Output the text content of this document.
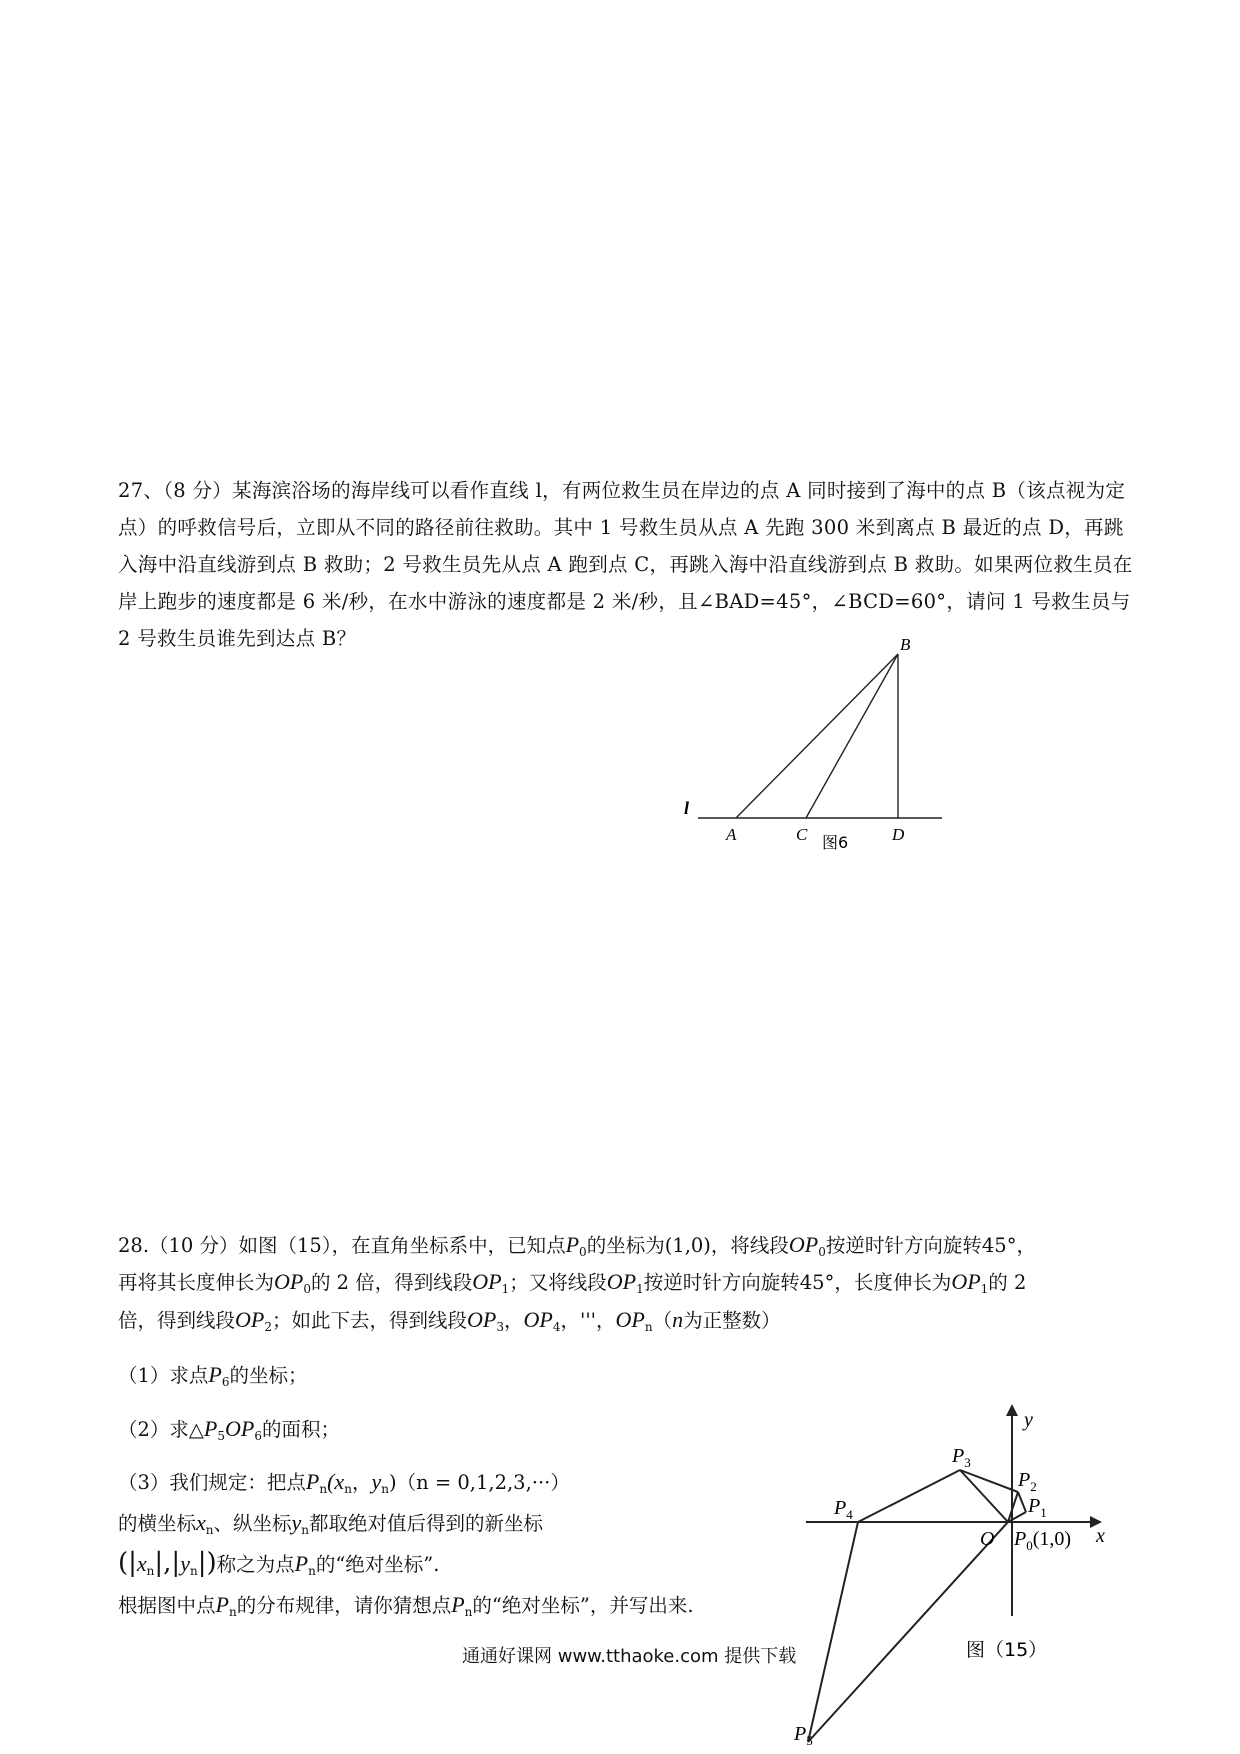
27、（8 分）某海滨浴场的海岸线可以看作直线 l，有两位救生员在岸边的点 A 同时接到了海中的点 B（该点视为定点）的呼救信号后，立即从不同的路径前往救助。其中 1 号救生员从点 A 先跑 300 米到离点 B 最近的点 D，再跳入海中沿直线游到点 B 救助；2 号救生员先从点 A 跑到点 C，再跳入海中沿直线游到点 B 救助。如果两位救生员在岸上跑步的速度都是 6 米/秒，在水中游泳的速度都是 2 米/秒，且∠BAD=45°，∠BCD=60°，请问 1 号救生员与 2 号救生员谁先到达点 B？

l
A	C	D
B
图6
28.（10 分）如图（15），在直角坐标系中，已知点$P_0$的坐标为(1,0)，将线段$OP_0$按逆时针方向旋转45°，
再将其长度伸长为$OP_0$的 2 倍，得到线段$OP_1$；又将线段$OP_1$按逆时针方向旋转45°，长度伸长为$OP_1$的 2
倍，得到线段$OP_2$；如此下去，得到线段$OP_3$，$OP_4$，'''，$OP_n(n$为正整数）
（1）求点$P_6$的坐标；
（2）求$\triangle P_5OP_6$的面积；
（3）我们规定：把点$P_n(x_n$，$y_n)(n = 0,1,2,3,\cdot\cdot\cdot)$
的横坐标$x_n$、纵坐标$y_n$都取绝对值后得到的新坐标
$(|x_n|,|y_n|)$称之为点$P_n$的“绝对坐标”.
根据图中点$P_n$的分布规律，请你猜想点$P_n$的“绝对坐标”，并写出来.
通通好课网 www.tthaoke.com 提供下载
y
x
O $P_0(1,0)$
$P_1$
$P_2$
$P_3$
$P_4$
$P_5$
图（15）
